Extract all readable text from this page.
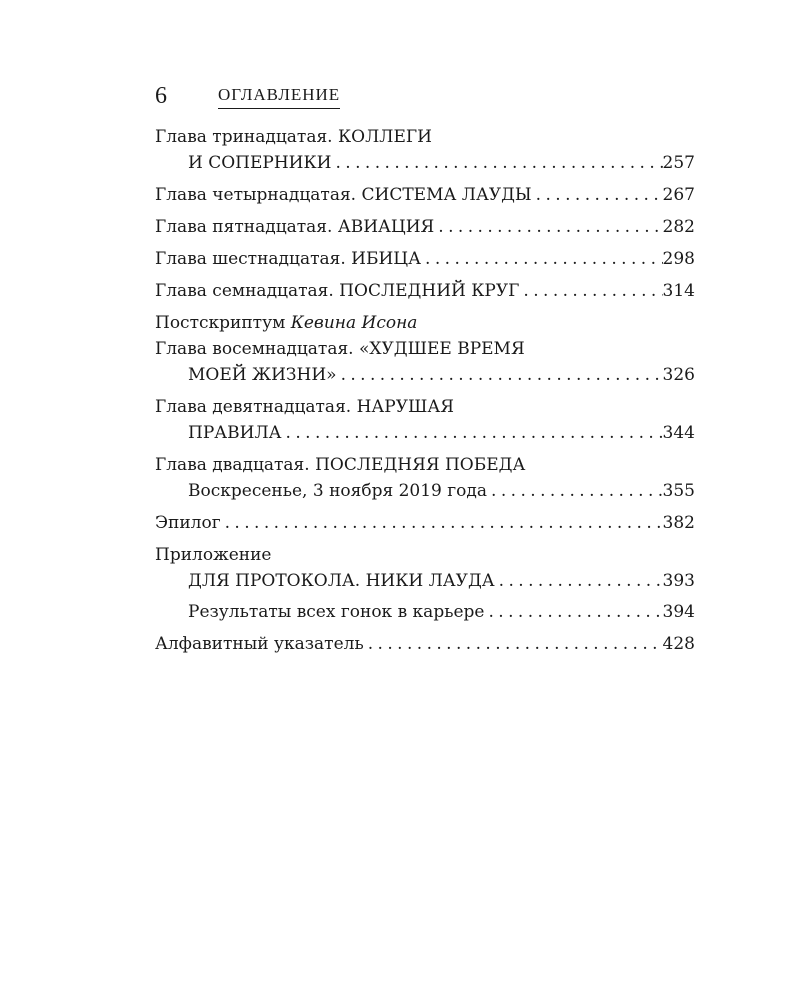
6	ОГЛАВЛЕНИЕ
Глава тринадцатая. КОЛЛЕГИ
И СОПЕРНИКИ . . .	257
Глава четырнадцатая. СИСТЕМА ЛАУДЫ . . .	267
Глава пятнадцатая. АВИАЦИЯ . . .	282
Глава шестнадцатая. ИБИЦА . . .	298
Глава семнадцатая. ПОСЛЕДНИЙ КРУГ . . .	314
Постскриптум Кевина Исона
Глава восемнадцатая. «ХУДШЕЕ ВРЕМЯ
МОЕЙ ЖИЗНИ» . . .	326
Глава девятнадцатая. НАРУШАЯ
ПРАВИЛА . . .	344
Глава двадцатая. ПОСЛЕДНЯЯ ПОБЕДА
Воскресенье, 3 ноября 2019 года . . .	355
Эпилог . . .	382
Приложение
ДЛЯ ПРОТОКОЛА. НИКИ ЛАУДА . . .	393
Результаты всех гонок в карьере . . .	394
Алфавитный указатель . . .	428
